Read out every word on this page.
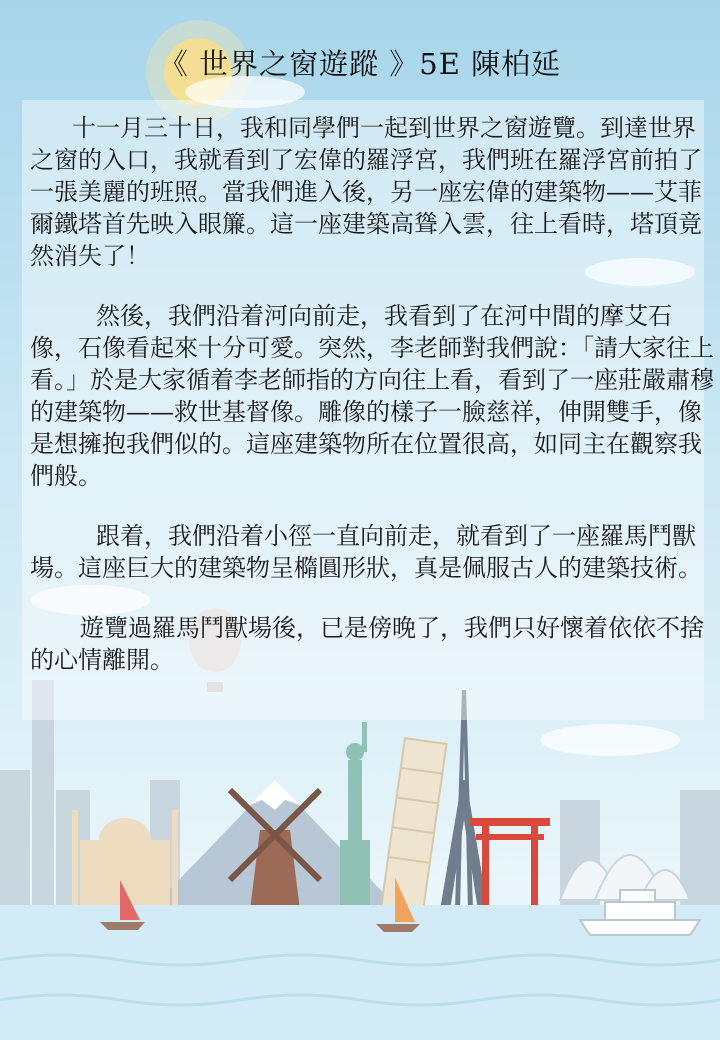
《 世界之窗遊蹤 》5E 陳柏延

十一月三十日，我和同學們一起到世界之窗遊覽。到達世界之窗的入口，我就看到了宏偉的羅浮宮，我們班在羅浮宮前拍了一張美麗的班照。當我們進入後，另一座宏偉的建築物——艾菲爾鐵塔首先映入眼簾。這一座建築高聳入雲，往上看時，塔頂竟然消失了！

然後，我們沿着河向前走，我看到了在河中間的摩艾石像，石像看起來十分可愛。突然，李老師對我們說：「請大家往上看。」於是大家循着李老師指的方向往上看，看到了一座莊嚴肅穆的建築物——救世基督像。雕像的樣子一臉慈祥，伸開雙手，像是想擁抱我們似的。這座建築物所在位置很高，如同主在觀察我們般。

跟着，我們沿着小徑一直向前走，就看到了一座羅馬鬥獸場。這座巨大的建築物呈橢圓形狀，真是佩服古人的建築技術。

遊覽過羅馬鬥獸場後，已是傍晚了，我們只好懷着依依不捨的心情離開。
